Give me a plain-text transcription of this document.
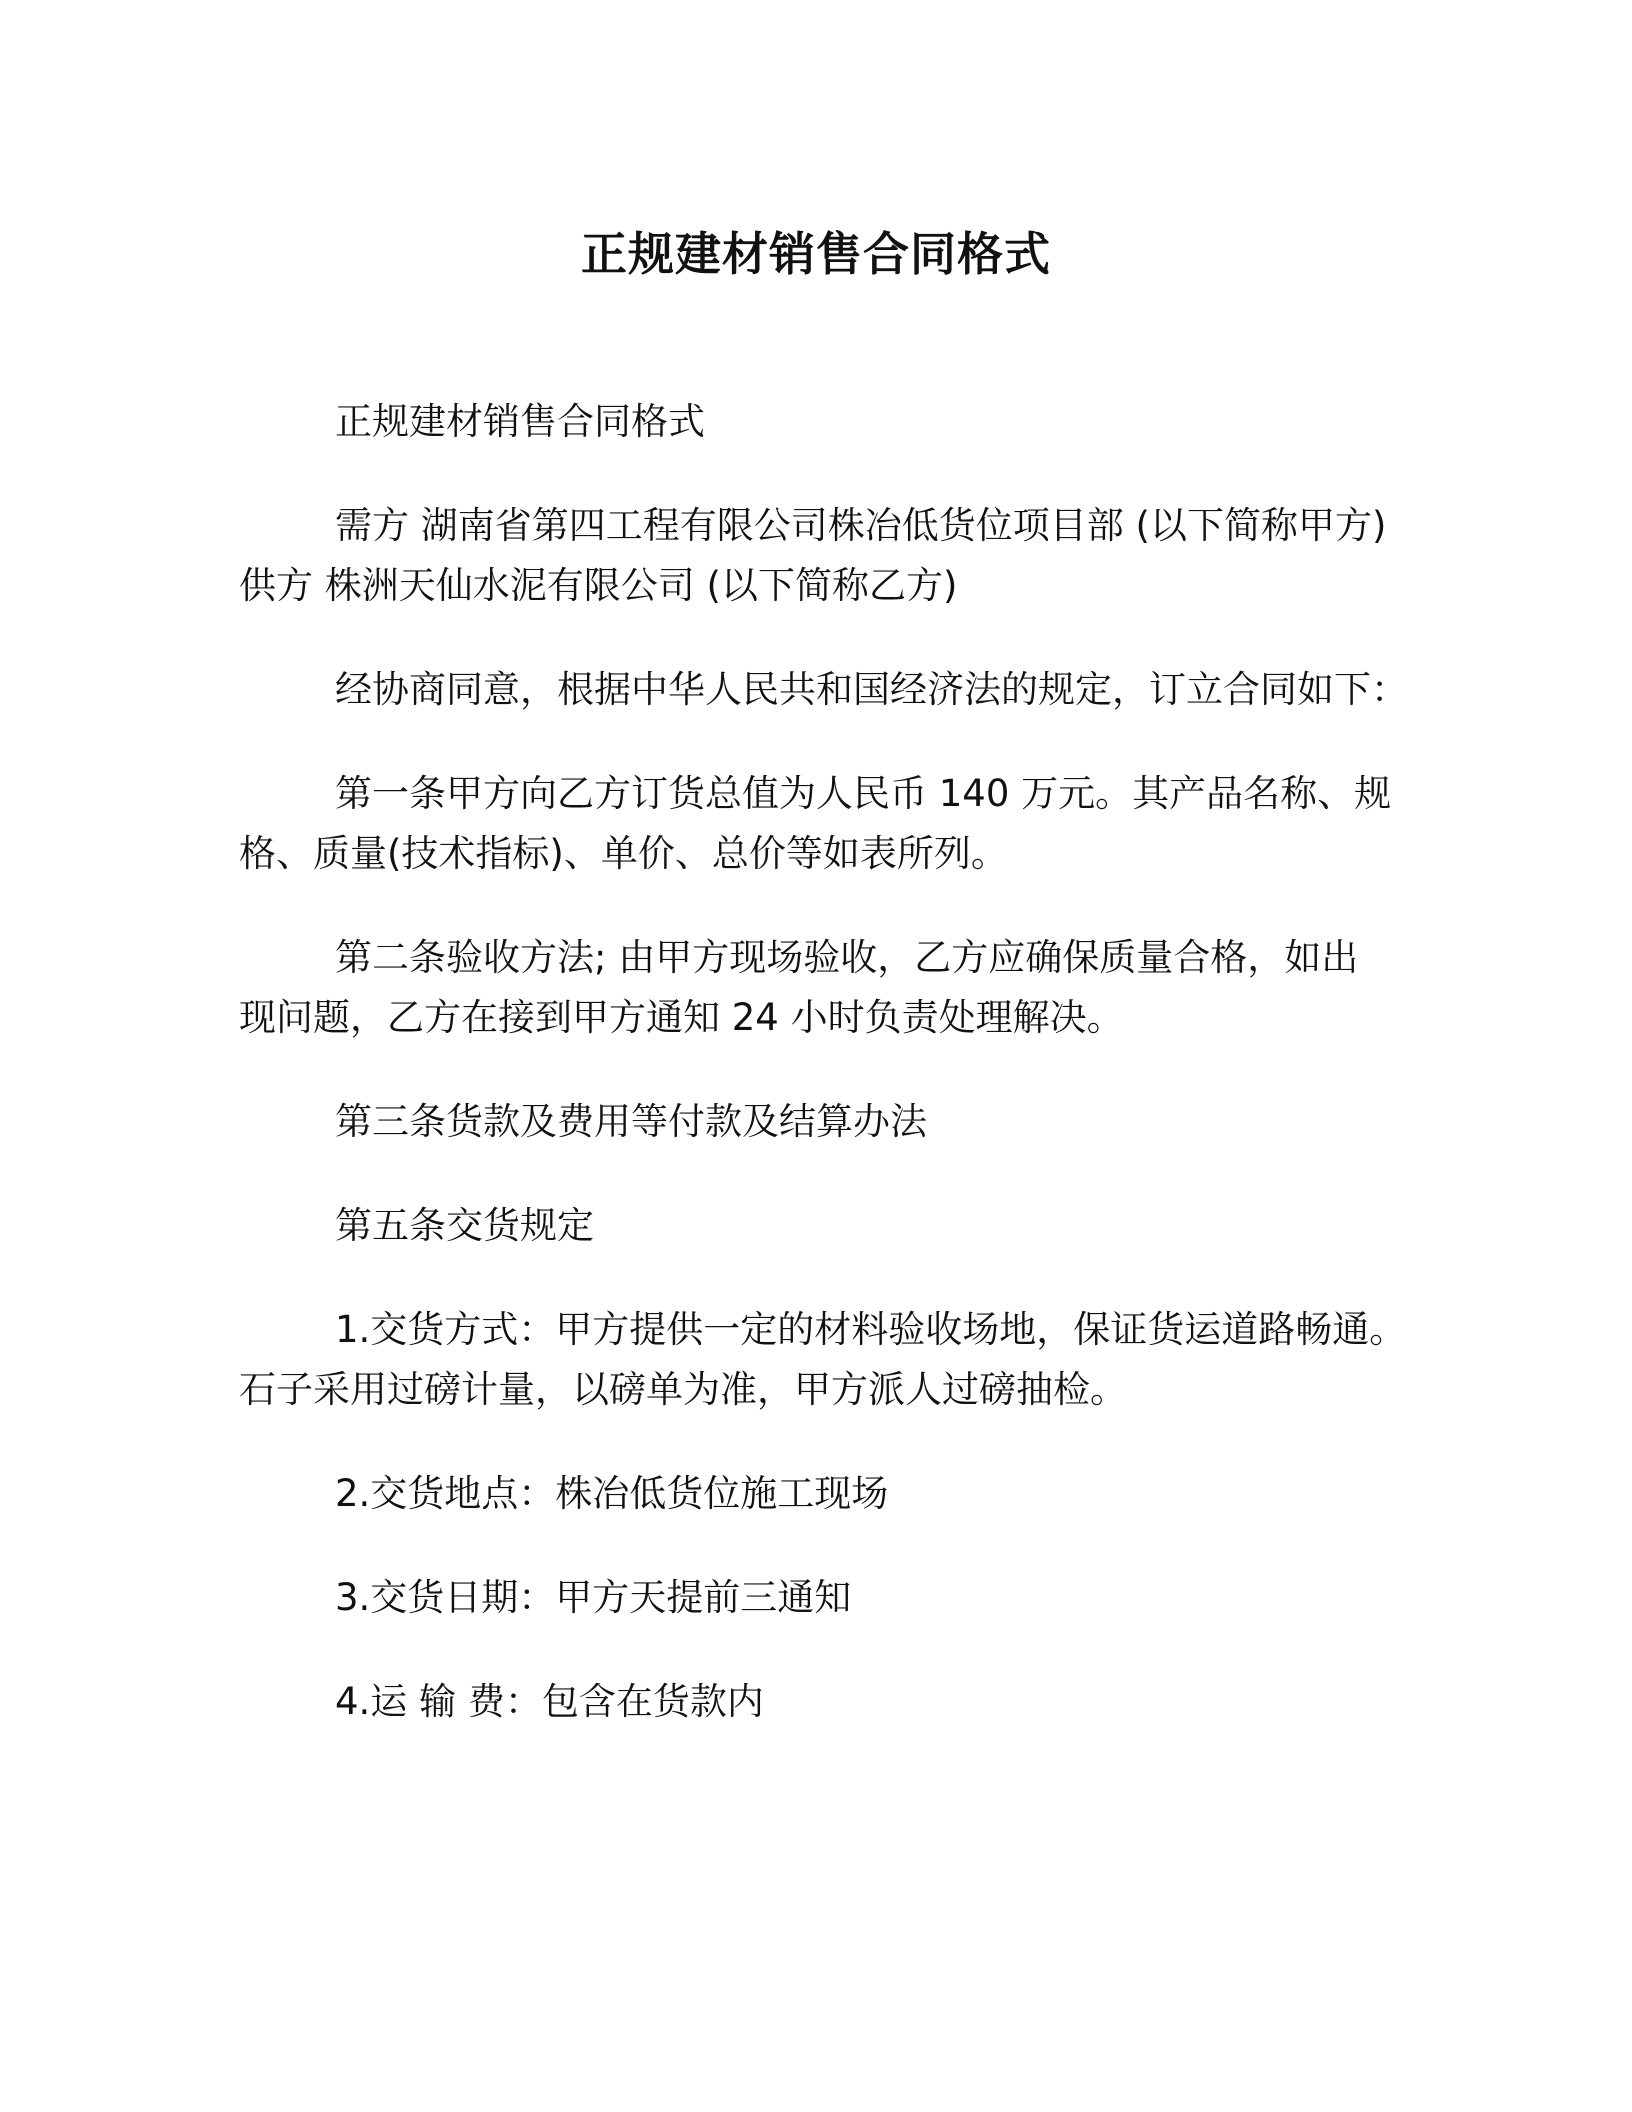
正规建材销售合同格式

正规建材销售合同格式

需方 湖南省第四工程有限公司株冶低货位项目部 (以下简称甲方)
供方 株洲天仙水泥有限公司 (以下简称乙方)

经协商同意，根据中华人民共和国经济法的规定，订立合同如下：

第一条甲方向乙方订货总值为人民币 140 万元。其产品名称、规
格、质量(技术指标)、单价、总价等如表所列。

第二条验收方法; 由甲方现场验收，乙方应确保质量合格，如出
现问题，乙方在接到甲方通知 24 小时负责处理解决。

第三条货款及费用等付款及结算办法

第五条交货规定

1.交货方式：甲方提供一定的材料验收场地，保证货运道路畅通。
石子采用过磅计量，以磅单为准，甲方派人过磅抽检。

2.交货地点：株冶低货位施工现场

3.交货日期：甲方天提前三通知

4.运 输 费：包含在货款内
